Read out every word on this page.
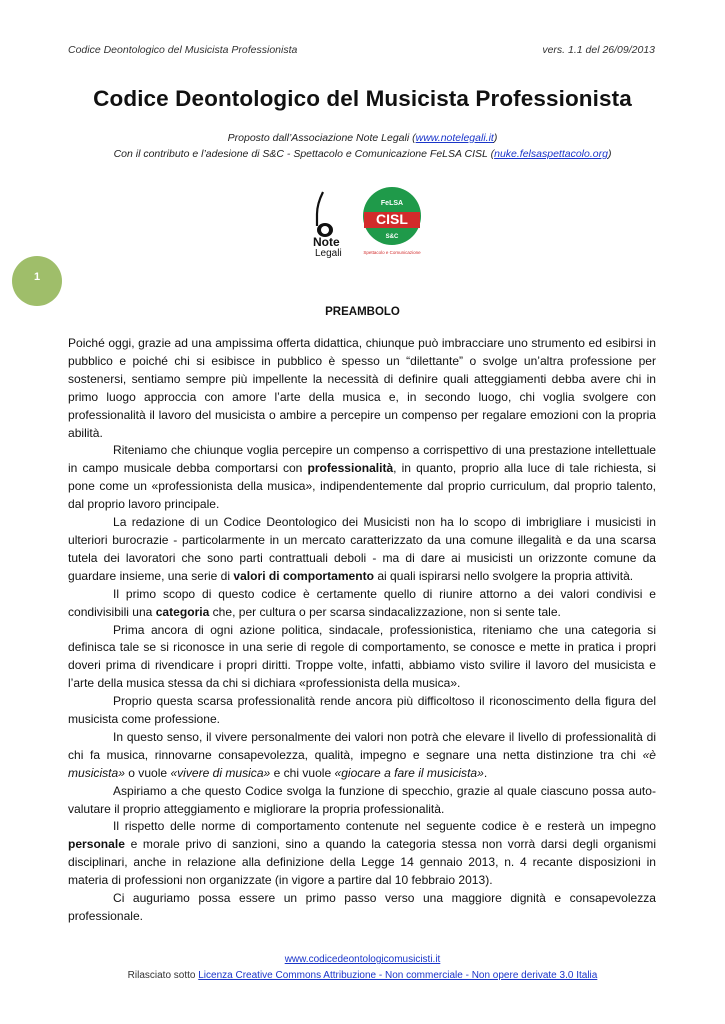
Codice Deontologico del Musicista Professionista	vers. 1.1 del 26/09/2013
Codice Deontologico del Musicista Professionista
Proposto dall’Associazione Note Legali (www.notelegali.it)
Con il contributo e l’adesione di S&C - Spettacolo e Comunicazione FeLSA CISL (nuke.felsaspettacolo.org)
Note
Legali
FeLSA
CISL
S&C
Spettacolo e Comunicazione
1
PREAMBOLO

Poiché oggi, grazie ad una ampissima offerta didattica, chiunque può imbracciare uno strumento ed esibirsi in pubblico e poiché chi si esibisce in pubblico è spesso un “dilettante” o svolge un’altra professione per sostenersi, sentiamo sempre più impellente la necessità di definire quali atteggiamenti debba avere chi in primo luogo approccia con amore l’arte della musica e, in secondo luogo, chi voglia svolgere con professionalità il lavoro del musicista o ambire a percepire un compenso per regalare emozioni con la propria abilità.

Riteniamo che chiunque voglia percepire un compenso a corrispettivo di una prestazione intellettuale in campo musicale debba comportarsi con professionalità, in quanto, proprio alla luce di tale richiesta, si pone come un «professionista della musica», indipendentemente dal proprio curriculum, dal proprio talento, dal proprio lavoro principale.

La redazione di un Codice Deontologico dei Musicisti non ha lo scopo di imbrigliare i musicisti in ulteriori burocrazie - particolarmente in un mercato caratterizzato da una comune illegalità e da una scarsa tutela dei lavoratori che sono parti contrattuali deboli - ma di dare ai musicisti un orizzonte comune da guardare insieme, una serie di valori di comportamento ai quali ispirarsi nello svolgere la propria attività.

Il primo scopo di questo codice è certamente quello di riunire attorno a dei valori condivisi e condivisibili una categoria che, per cultura o per scarsa sindacalizzazione, non si sente tale.

Prima ancora di ogni azione politica, sindacale, professionistica, riteniamo che una categoria si definisca tale se si riconosce in una serie di regole di comportamento, se conosce e mette in pratica i propri doveri prima di rivendicare i propri diritti. Troppe volte, infatti, abbiamo visto svilire il lavoro del musicista e l’arte della musica stessa da chi si dichiara «professionista della musica».

Proprio questa scarsa professionalità rende ancora più difficoltoso il riconoscimento della figura del musicista come professione.

In questo senso, il vivere personalmente dei valori non potrà che elevare il livello di professionalità di chi fa musica, rinnovarne consapevolezza, qualità, impegno e segnare una netta distinzione tra chi «è musicista» o vuole «vivere di musica» e chi vuole «giocare a fare il musicista».

Aspiriamo a che questo Codice svolga la funzione di specchio, grazie al quale ciascuno possa auto-valutare il proprio atteggiamento e migliorare la propria professionalità.

Il rispetto delle norme di comportamento contenute nel seguente codice è e resterà un impegno personale e morale privo di sanzioni, sino a quando la categoria stessa non vorrà darsi degli organismi disciplinari, anche in relazione alla definizione della Legge 14 gennaio 2013, n. 4 recante disposizioni in materia di professioni non organizzate (in vigore a partire dal 10 febbraio 2013).

Ci auguriamo possa essere un primo passo verso una maggiore dignità e consapevolezza professionale.

www.codicedeontologicomusicisti.it
Rilasciato sotto Licenza Creative Commons Attribuzione - Non commerciale - Non opere derivate 3.0 Italia
